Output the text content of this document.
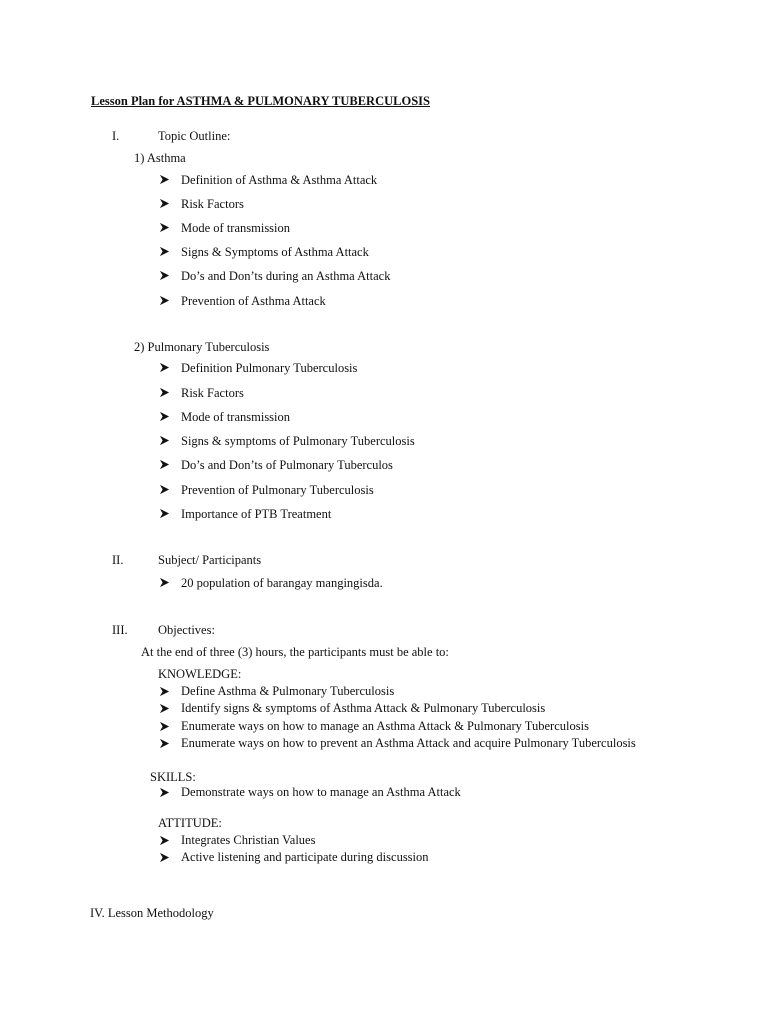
Lesson Plan for ASTHMA & PULMONARY TUBERCULOSIS
I.	Topic Outline:
1) Asthma
Definition of Asthma & Asthma Attack
Risk Factors
Mode of transmission
Signs & Symptoms of Asthma Attack
Do’s and Don’ts during an Asthma Attack
Prevention of Asthma Attack
2) Pulmonary Tuberculosis
Definition Pulmonary Tuberculosis
Risk Factors
Mode of transmission
Signs & symptoms of Pulmonary Tuberculosis
Do’s and Don’ts of Pulmonary Tuberculos
Prevention of Pulmonary Tuberculosis
Importance of PTB Treatment
II.	Subject/ Participants
20 population of barangay mangingisda.
III. Objectives:
At the end of three (3) hours, the participants must be able to:
KNOWLEDGE:
Define Asthma & Pulmonary Tuberculosis
Identify signs & symptoms of Asthma Attack & Pulmonary Tuberculosis
Enumerate ways on how to manage an Asthma Attack & Pulmonary Tuberculosis
Enumerate ways on how to prevent an Asthma Attack and acquire Pulmonary Tuberculosis
SKILLS:
Demonstrate ways on how to manage an Asthma Attack
ATTITUDE:
Integrates Christian Values
Active listening and participate during discussion
IV. Lesson Methodology
